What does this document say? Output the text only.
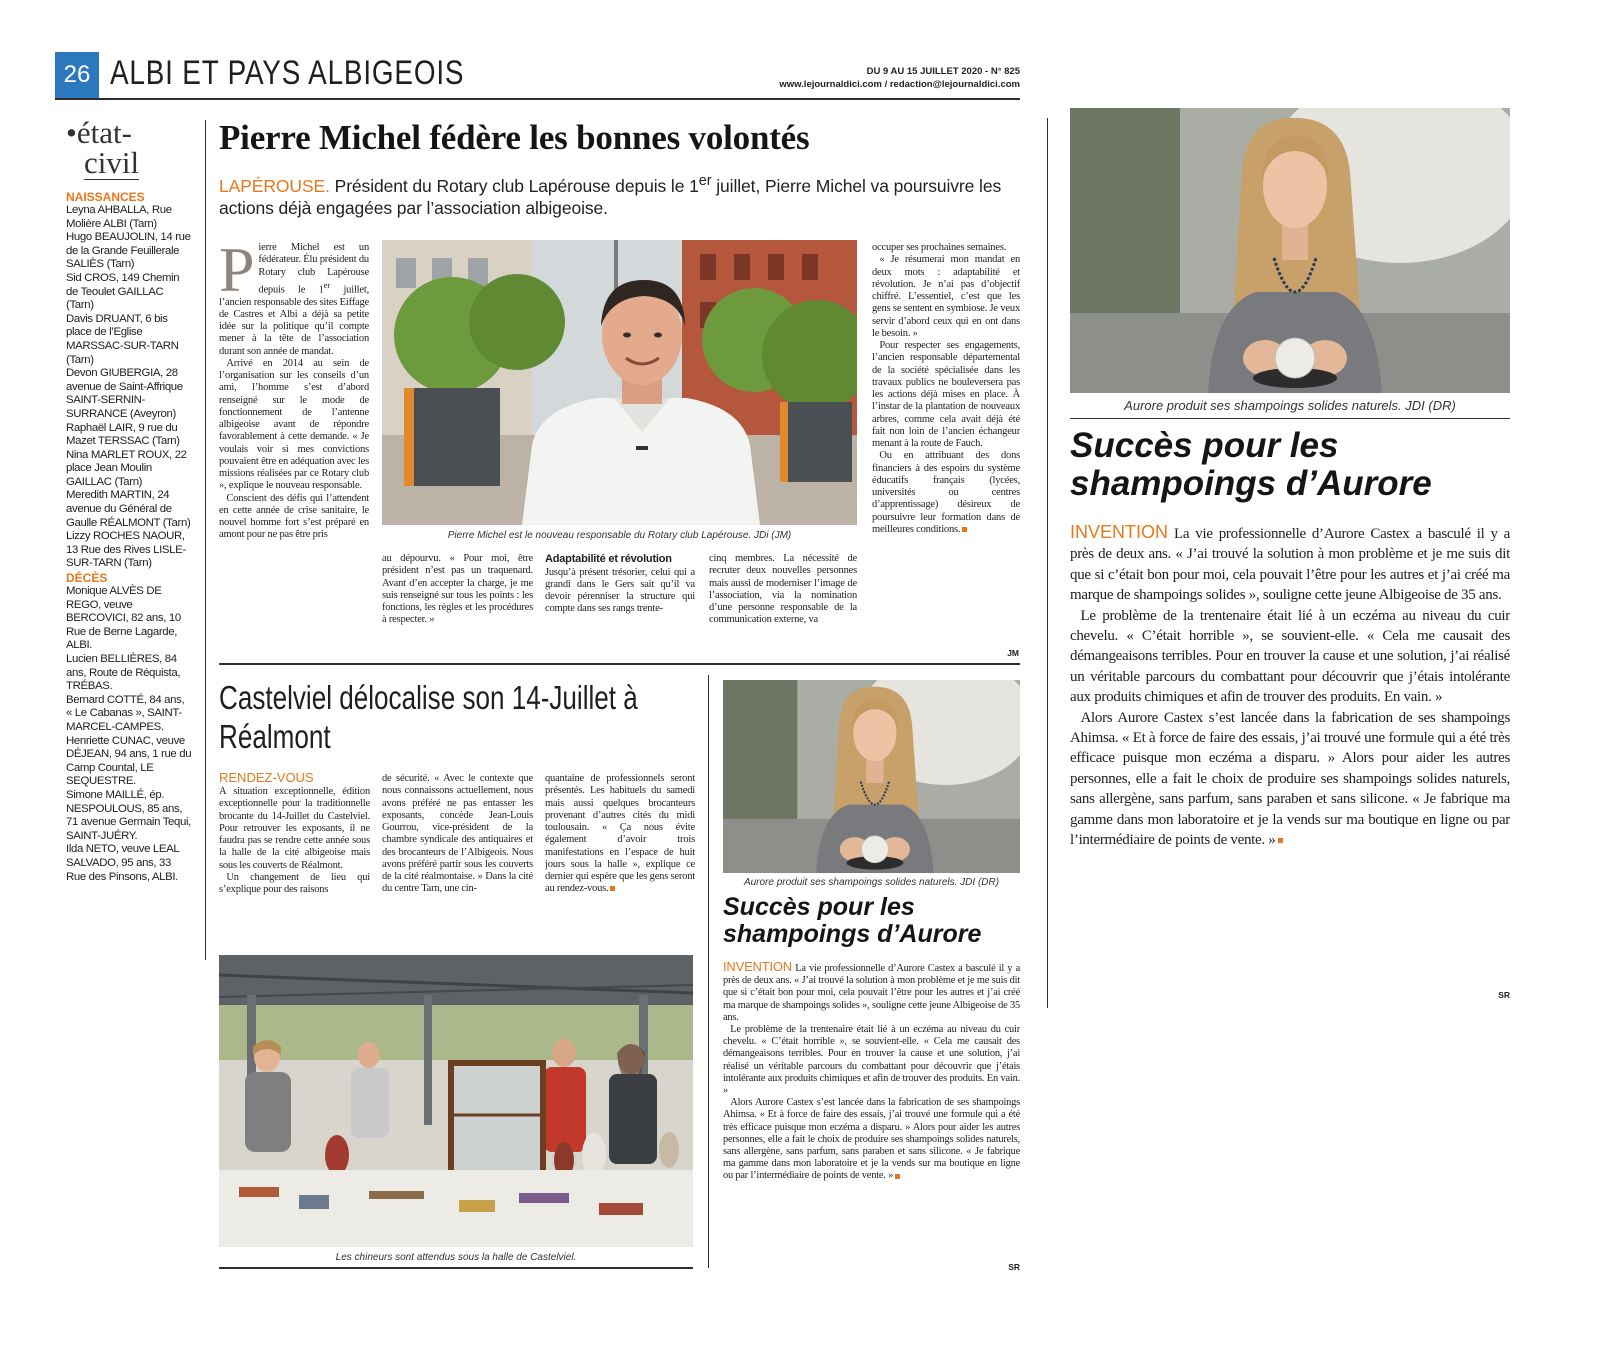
26 ALBI ET PAYS ALBIGEOIS	DU 9 AU 15 JUILLET 2020 - N° 825
www.lejournaldici.com / redaction@lejournaldici.com
•état-
civil
NAISSANCES
Leyna AHBALLA, Rue Molière ALBI (Tarn)
Hugo BEAUJOLIN, 14 rue de la Grande Feuillerale SALIÈS (Tarn)
Sid CROS, 149 Chemin de Teoulet GAILLAC (Tarn)
Davis DRUANT, 6 bis place de l’Eglise MARSSAC-SUR-TARN (Tarn)
Devon GIUBERGIA, 28 avenue de Saint-Affrique SAINT-SERNIN-SURRANCE (Aveyron)
Raphaël LAIR, 9 rue du Mazet TERSSAC (Tarn)
Nina MARLET ROUX, 22 place Jean Moulin GAILLAC (Tarn)
Meredith MARTIN, 24 avenue du Général de Gaulle RÉALMONT (Tarn)
Lizzy ROCHES NAOUR, 13 Rue des Rives LISLE-SUR-TARN (Tarn)
DÉCÈS
Monique ALVÈS DE REGO, veuve BERCOVICI, 82 ans, 10 Rue de Berne Lagarde, ALBI.
Lucien BELLIÈRES, 84 ans, Route de Réquista, TRÉBAS.
Bernard COTTÉ, 84 ans, « Le Cabanas », SAINT-MARCEL-CAMPES.
Henriette CUNAC, veuve DÉJEAN, 94 ans, 1 rue du Camp Countal, LE SEQUESTRE.
Simone MAILLÉ, ép. NESPOULOUS, 85 ans, 71 avenue Germain Tequi, SAINT-JUÉRY.
Ilda NETO, veuve LEAL SALVADO, 95 ans, 33 Rue des Pinsons, ALBI.
Pierre Michel fédère les bonnes volontés
LAPÉROUSE. Président du Rotary club Lapérouse depuis le 1er juillet, Pierre Michel va poursuivre les actions déjà engagées par l’association albigeoise.

Pierre Michel est un fédérateur. Élu président du Rotary club Lapérouse depuis le 1er juillet, l’ancien responsable des sites Eiffage de Castres et Albi a déjà sa petite idée sur la politique qu’il compte mener à la tête de l’association durant son année de mandat.

Arrivé en 2014 au sein de l’organisation sur les conseils d’un ami, l’homme s’est d’abord renseigné sur le mode de fonctionnement de l’antenne albigeoise avant de répondre favorablement à cette demande. « Je voulais voir si mes convictions pouvaient être en adéquation avec les missions réalisées par ce Rotary club », explique le nouveau responsable.

Conscient des défis qui l’attendent en cette année de crise sanitaire, le nouvel homme fort s’est préparé en amont pour ne pas être pris	Pierre Michel est le nouveau responsable du Rotary club Lapérouse. JDi (JM)

au dépourvu. « Pour moi, être président n’est pas un traquenard. Avant d’en accepter la charge, je me suis renseigné sur tous les points : les fonctions, les règles et les procédures à respecter. »

Adaptabilité et révolution

Jusqu’à présent trésorier, celui qui a grandi dans le Gers sait qu’il va devoir pérenniser la structure qui compte dans ses rangs trente-

cinq membres. La nécessité de recruter deux nouvelles personnes mais aussi de moderniser l’image de l’association, via la nomination d’une personne responsable de la communication externe, va

occuper ses prochaines semaines.

« Je résumerai mon mandat en deux mots : adaptabilité et révolution. Je n’ai pas d’objectif chiffré. L’essentiel, c’est que les gens se sentent en symbiose. Je veux servir d’abord ceux qui en ont dans le besoin. »

Pour respecter ses engagements, l’ancien responsable départemental de la société spécialisée dans les travaux publics ne bouleversera pas les actions déjà mises en place. À l’instar de la plantation de nouveaux arbres, comme cela avait déjà été fait non loin de l’ancien échangeur menant à la route de Fauch.

Ou en attribuant des dons financiers à des espoirs du système éducatifs français (lycées, universités ou centres d’apprentissage) désireux de poursuivre leur formation dans de meilleures conditions.

JM
Castelviel délocalise son 14-Juillet à Réalmont
RENDEZ-VOUS

À situation exceptionnelle, édition exceptionnelle pour la traditionnelle brocante du 14-Juillet du Castelviel. Pour retrouver les exposants, il ne faudra pas se rendre cette année sous la halle de la cité albigeoise mais sous les couverts de Réalmont.

Un changement de lieu qui s’explique pour des raisons

de sécurité. « Avec le contexte que nous connaissons actuellement, nous avons préféré ne pas entasser les exposants, concède Jean-Louis Gourrou, vice-président de la chambre syndicale des antiquaires et des brocanteurs de l’Albigeois. Nous avons préféré partir sous les couverts de la cité réalmontaise. » Dans la cité du centre Tarn, une cin-

quantaine de professionnels seront présentés. Les habituels du samedi mais aussi quelques brocanteurs provenant d’autres cités du midi toulousain. « Ça nous évite également d’avoir trois manifestations en l’espace de huit jours sous la halle », explique ce dernier qui espère que les gens seront au rendez-vous.

Les chineurs sont attendus sous la halle de Castelviel.
Aurore produit ses shampoings solides naturels. JDI (DR)
Succès pour les shampoings d’Aurore

INVENTION La vie professionnelle d’Aurore Castex a basculé il y a près de deux ans. « J’ai trouvé la solution à mon problème et je me suis dit que si c’était bon pour moi, cela pouvait l’être pour les autres et j’ai créé ma marque de shampoings solides », souligne cette jeune Albigeoise de 35 ans.

Le problème de la trentenaire était lié à un eczéma au niveau du cuir chevelu. « C’était horrible », se souvient-elle. « Cela me causait des démangeaisons terribles. Pour en trouver la cause et une solution, j’ai réalisé un véritable parcours du combattant pour découvrir que j’étais intolérante aux produits chimiques et afin de trouver des produits. En vain. »

Alors Aurore Castex s’est lancée dans la fabrication de ses shampoings Ahimsa. « Et à force de faire des essais, j’ai trouvé une formule qui a été très efficace puisque mon eczéma a disparu. » Alors pour aider les autres personnes, elle a fait le choix de produire ses shampoings solides naturels, sans allergène, sans parfum, sans paraben et sans silicone. « Je fabrique ma gamme dans mon laboratoire et je la vends sur ma boutique en ligne ou par l’intermédiaire de points de vente. »

SR
Aurore produit ses shampoings solides naturels. JDI (DR)
Succès pour les shampoings d’Aurore

INVENTION La vie professionnelle d’Aurore Castex a basculé il y a près de deux ans. « J’ai trouvé la solution à mon problème et je me suis dit que si c’était bon pour moi, cela pouvait l’être pour les autres et j’ai créé ma marque de shampoings solides », souligne cette jeune Albigeoise de 35 ans.

Le problème de la trentenaire était lié à un eczéma au niveau du cuir chevelu. « C’était horrible », se souvient-elle. « Cela me causait des démangeaisons terribles. Pour en trouver la cause et une solution, j’ai réalisé un véritable parcours du combattant pour découvrir que j’étais intolérante aux produits chimiques et afin de trouver des produits. En vain. »

Alors Aurore Castex s’est lancée dans la fabrication de ses shampoings Ahimsa. « Et à force de faire des essais, j’ai trouvé une formule qui a été très efficace puisque mon eczéma a disparu. » Alors pour aider les autres personnes, elle a fait le choix de produire ses shampoings solides naturels, sans allergène, sans parfum, sans paraben et sans silicone. « Je fabrique ma gamme dans mon laboratoire et je la vends sur ma boutique en ligne ou par l’intermédiaire de points de vente. »

SR
